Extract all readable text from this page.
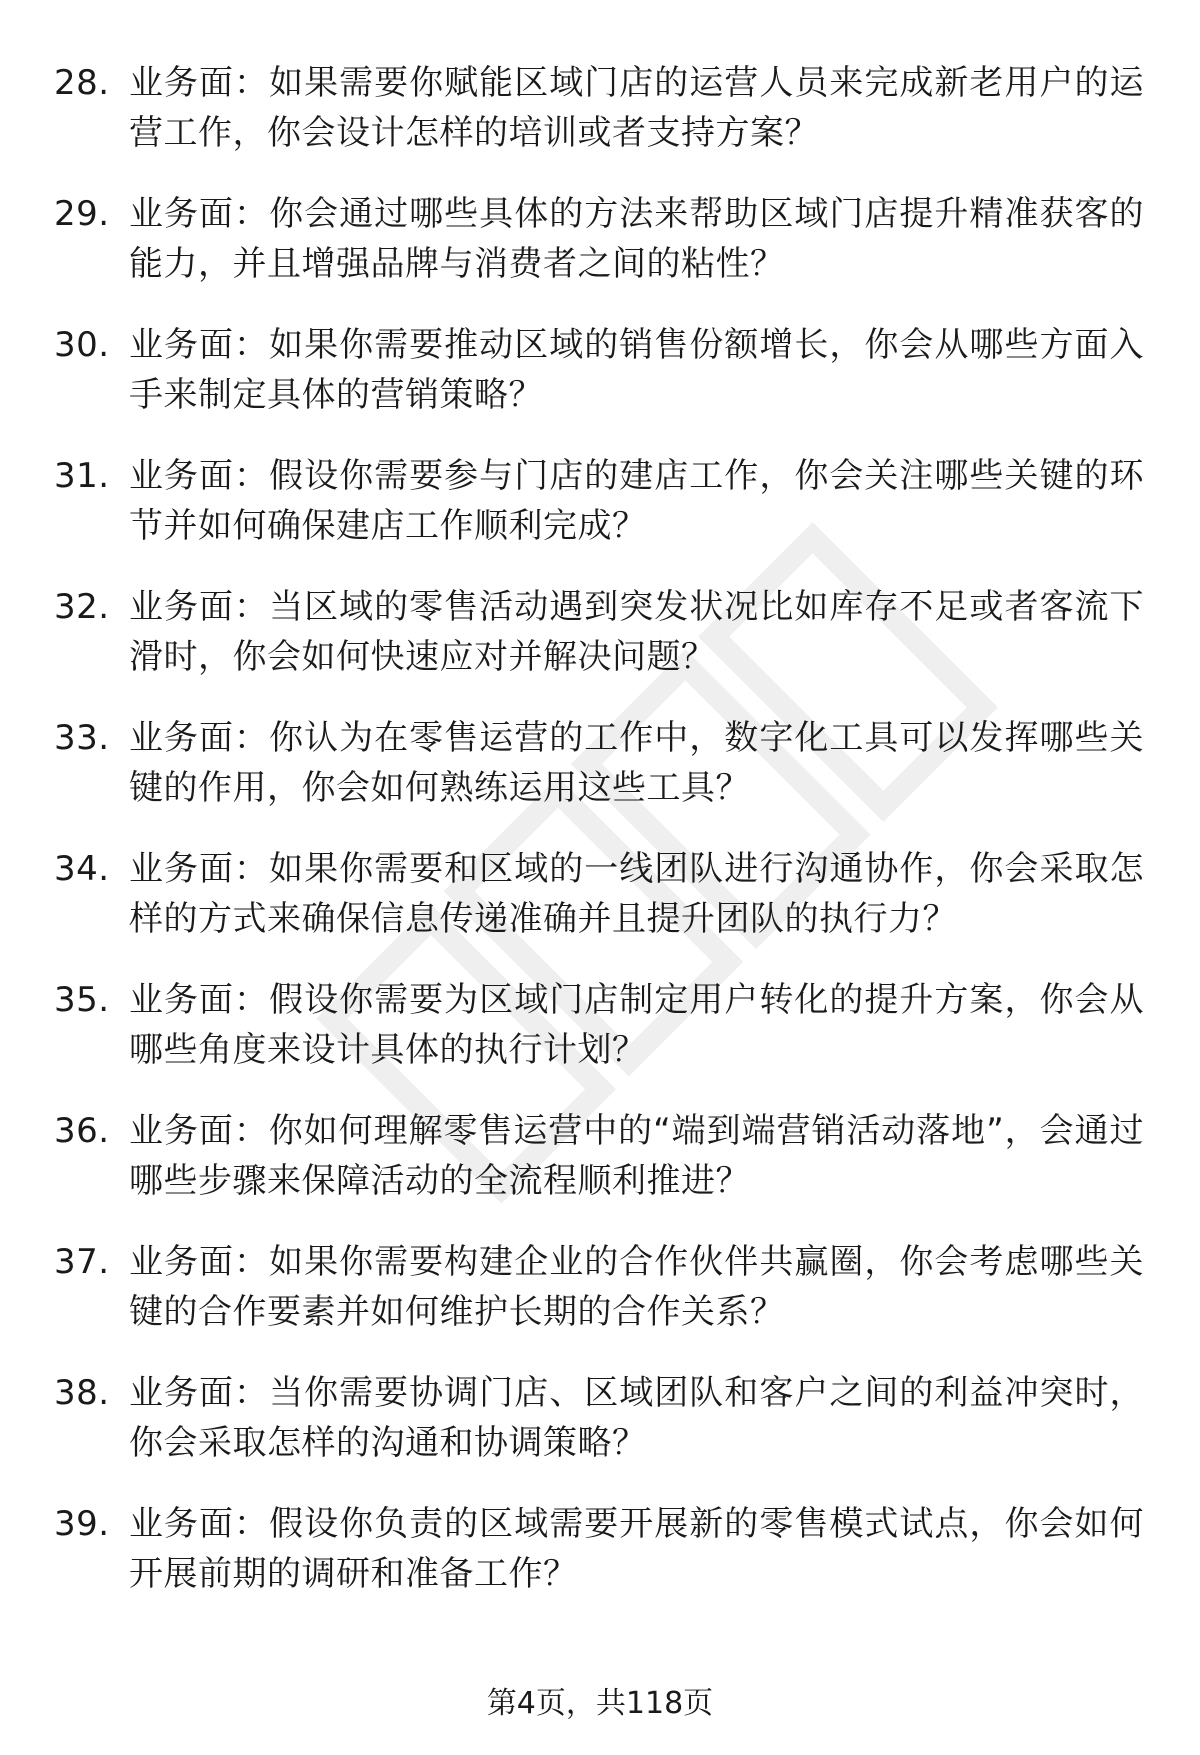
28. 业务面：如果需要你赋能区域门店的运营人员来完成新老用户的运营工作，你会设计怎样的培训或者支持方案？
29. 业务面：你会通过哪些具体的方法来帮助区域门店提升精准获客的能力，并且增强品牌与消费者之间的粘性？
30. 业务面：如果你需要推动区域的销售份额增长，你会从哪些方面入手来制定具体的营销策略？
31. 业务面：假设你需要参与门店的建店工作，你会关注哪些关键的环节并如何确保建店工作顺利完成？
32. 业务面：当区域的零售活动遇到突发状况比如库存不足或者客流下滑时，你会如何快速应对并解决问题？
33. 业务面：你认为在零售运营的工作中，数字化工具可以发挥哪些关键的作用，你会如何熟练运用这些工具？
34. 业务面：如果你需要和区域的一线团队进行沟通协作，你会采取怎样的方式来确保信息传递准确并且提升团队的执行力？
35. 业务面：假设你需要为区域门店制定用户转化的提升方案，你会从哪些角度来设计具体的执行计划？
36. 业务面：你如何理解零售运营中的“端到端营销活动落地”，会通过哪些步骤来保障活动的全流程顺利推进？
37. 业务面：如果你需要构建企业的合作伙伴共赢圈，你会考虑哪些关键的合作要素并如何维护长期的合作关系？
38. 业务面：当你需要协调门店、区域团队和客户之间的利益冲突时，你会采取怎样的沟通和协调策略？
39. 业务面：假设你负责的区域需要开展新的零售模式试点，你会如何开展前期的调研和准备工作？
第4页，共118页
